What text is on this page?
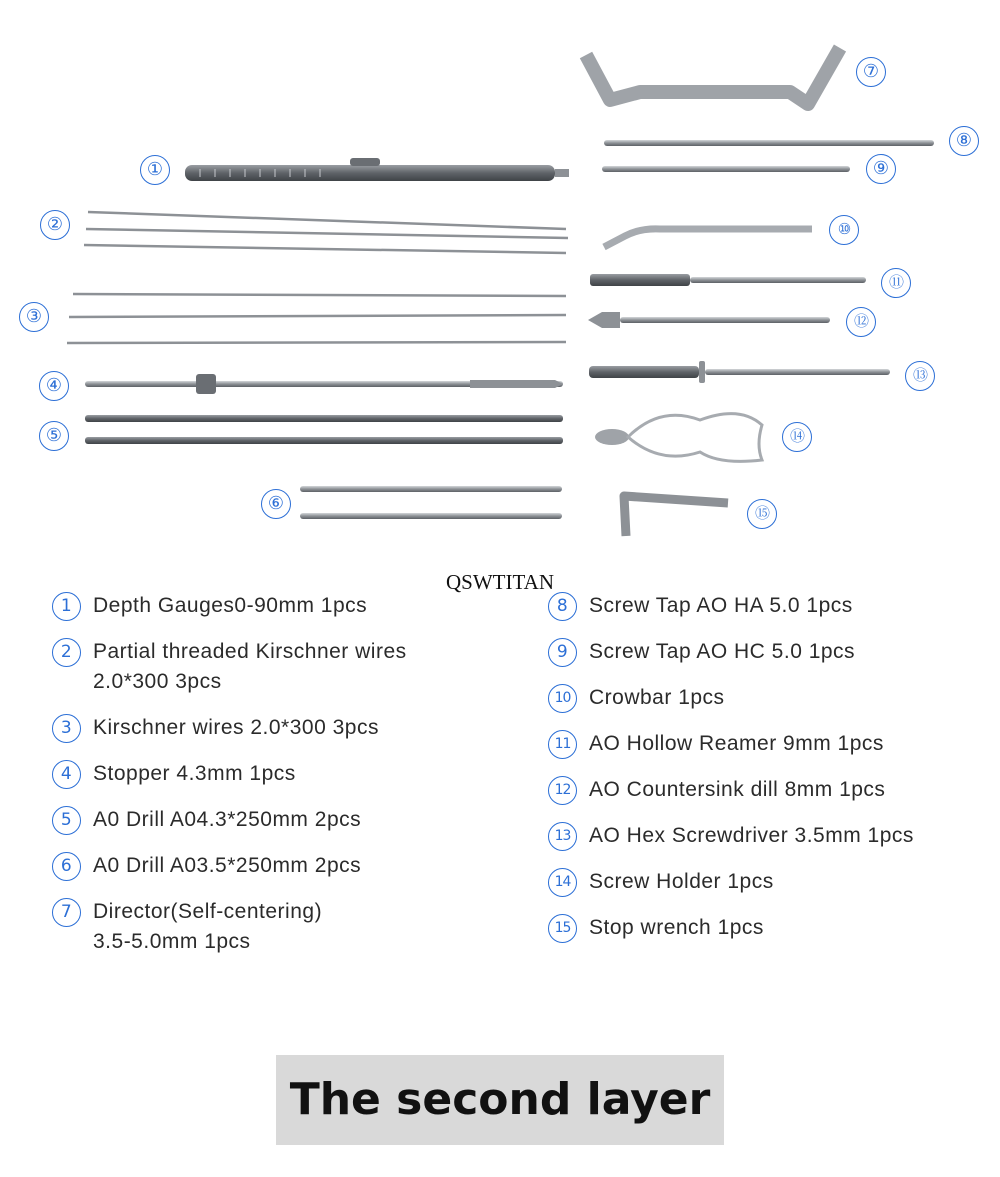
①
②
③
④
⑤
⑥
⑦
⑧
⑨
⑩
⑪
⑫
⑬
⑭
⑮
QSWTITAN
1 Depth Gauges0-90mm 1pcs
2 Partial threaded Kirschner wires
2.0*300 3pcs
3 Kirschner wires 2.0*300 3pcs
4 Stopper 4.3mm 1pcs
5 A0 Drill A04.3*250mm 2pcs
6 A0 Drill A03.5*250mm 2pcs
7 Director(Self-centering)
3.5-5.0mm 1pcs
8 Screw Tap AO HA 5.0 1pcs
9 Screw Tap AO HC 5.0 1pcs
10 Crowbar 1pcs
11 AO Hollow Reamer 9mm 1pcs
12 AO Countersink dill 8mm 1pcs
13 AO Hex Screwdriver 3.5mm 1pcs
14 Screw Holder 1pcs
15 Stop wrench 1pcs
The second layer
